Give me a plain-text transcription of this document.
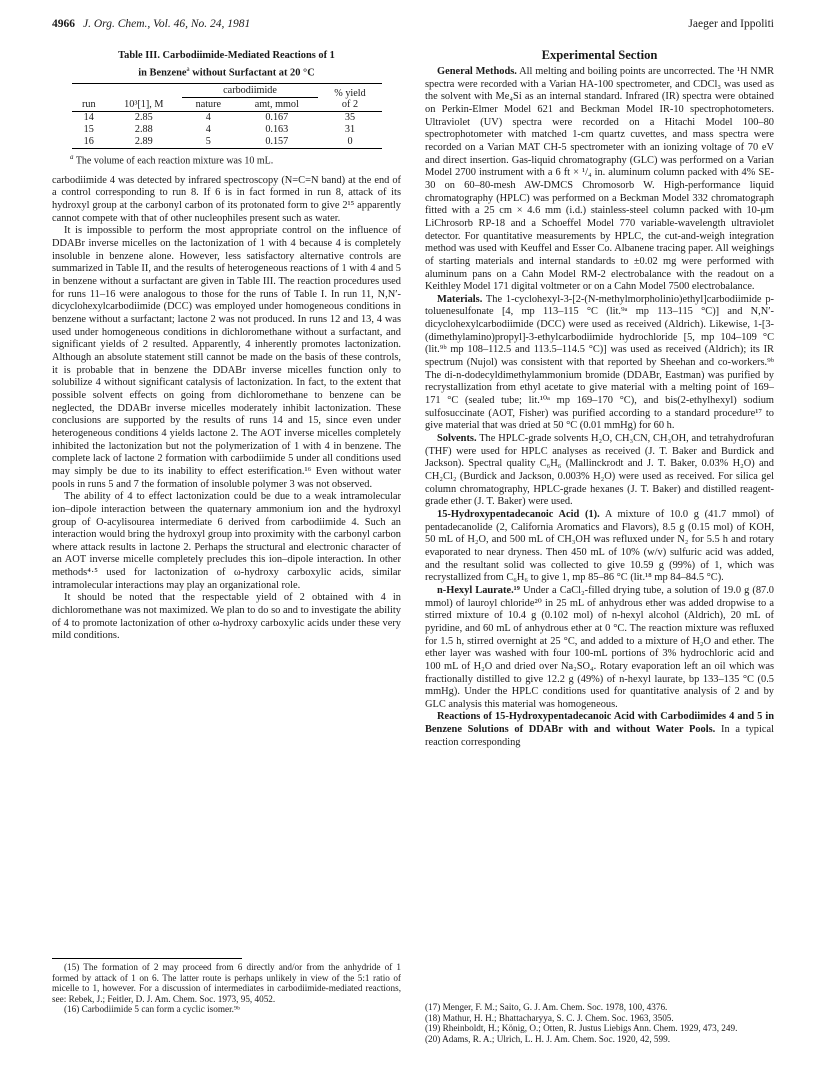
4966 J. Org. Chem., Vol. 46, No. 24, 1981	Jaeger and Ippoliti
Table III. Carbodiimide-Mediated Reactions of 1
in Benzene$^a$ without Surfactant at 20 °C
		carbodiimide		% yield
of 2
run	10³[1], M	nature	amt, mmol	
14	2.85	4	0.167	35
15	2.88	4	0.163	31
16	2.89	5	0.157	0
$^a$ The volume of each reaction mixture was 10 mL.

carbodiimide 4 was detected by infrared spectroscopy (N=C=N band) at the end of a control corresponding to run 8. If 6 is in fact formed in run 8, attack of its hydroxyl group at the carbonyl carbon of its protonated form to give 2¹⁵ apparently cannot compete with that of other nucleophiles present such as water.

It is impossible to perform the most appropriate control on the influence of DDABr inverse micelles on the lactonization of 1 with 4 because 4 is completely insoluble in benzene alone. However, less satisfactory alternative controls are summarized in Table II, and the results of heterogeneous reactions of 1 with 4 and 5 in benzene without a surfactant are given in Table III. The reaction procedures used for runs 11–16 were analogous to those for the runs of Table I. In run 11, N,N′-dicyclohexylcarbodiimide (DCC) was employed under homogeneous conditions in benzene without a surfactant; lactone 2 was not produced. In runs 12 and 13, 4 was used under homogeneous conditions in dichloromethane without a surfactant, and significant yields of 2 resulted. Apparently, 4 inherently promotes lactonization. Although an absolute statement still cannot be made on the basis of these controls, it is probable that in benzene the DDABr inverse micelles function only to solubilize 4 without significant catalysis of lactonization. In fact, to the extent that possible solvent effects on going from dichloromethane to benzene can be neglected, the DDABr inverse micelles moderately inhibit lactonization. These conclusions are supported by the results of runs 14 and 15, since even under heterogeneous conditions 4 yields lactone 2. The AOT inverse micelles completely inhibited the lactonization but not the polymerization of 1 with 4 in benzene. The complete lack of lactone 2 formation with carbodiimide 5 under all conditions used may simply be due to its inability to effect esterification.¹⁶ Even without water pools in runs 5 and 7 the formation of insoluble polymer 3 was not observed.

The ability of 4 to effect lactonization could be due to a weak intramolecular ion–dipole interaction between the quaternary ammonium ion and the hydroxyl group of O-acylisourea intermediate 6 derived from carbodiimide 4. Such an interaction would bring the hydroxyl group into proximity with the carbonyl carbon where attack results in lactone 2. Perhaps the structural and electronic character of an AOT inverse micelle completely precludes this ion–dipole interaction. In other methods⁴·⁵ used for lactonization of ω-hydroxy carboxylic acids, similar intramolecular interactions may play an organizational role.

It should be noted that the respectable yield of 2 obtained with 4 in dichloromethane was not maximized. We plan to do so and to investigate the ability of 4 to promote lactonization of other ω-hydroxy carboxylic acids under these very mild conditions.

Experimental Section

General Methods. All melting and boiling points are uncorrected. The ¹H NMR spectra were recorded with a Varian HA-100 spectrometer, and CDCl₃ was used as the solvent with Me₄Si as an internal standard. Infrared (IR) spectra were obtained on Perkin-Elmer Model 621 and Beckman Model IR-10 spectrophotometers. Ultraviolet (UV) spectra were recorded on a Hitachi Model 100–80 spectrophotometer with matched 1-cm quartz cuvettes, and mass spectra were recorded on a Varian MAT CH-5 spectrometer with an ionizing voltage of 70 eV and direct insertion. Gas-liquid chromatography (GLC) was performed on a Varian Model 2700 instrument with a 6 ft × ¹/₄ in. aluminum column packed with 4% SE-30 on 60–80-mesh AW-DMCS Chromosorb W. High-performance liquid chromatography (HPLC) was performed on a Beckman Model 332 chromatograph fitted with a 25 cm × 4.6 mm (i.d.) stainless-steel column packed with 10-μm LiChrosorb RP-18 and a Schoeffel Model 770 variable-wavelength ultraviolet detector. For quantitative measurements by HPLC, the cut-and-weigh integration method was used with Keuffel and Esser Co. Albanene tracing paper. All weighings of starting materials and internal standards to ±0.02 mg were performed with aluminum pans on a Cahn Model RM-2 electrobalance with the readout on a Keithley Model 171 digital voltmeter or on a Cahn Model 7500 electrobalance.

Materials. The 1-cyclohexyl-3-[2-(N-methylmorpholinio)ethyl]carbodiimide p-toluenesulfonate [4, mp 113–115 °C (lit.⁹ᵃ mp 113–115 °C)] and N,N′-dicyclohexylcarbodiimide (DCC) were used as received (Aldrich). Likewise, 1-[3-(dimethylamino)propyl]-3-ethylcarbodiimide hydrochloride [5, mp 104–109 °C (lit.⁹ᵇ mp 108–112.5 and 113.5–114.5 °C)] was used as received (Aldrich); its IR spectrum (Nujol) was consistent with that reported by Sheehan and co-workers.⁹ᵇ The di-n-dodecyldimethylammonium bromide (DDABr, Eastman) was purified by recrystallization from ethyl acetate to give material with a melting point of 169–171 °C (sealed tube; lit.¹⁰ᵃ mp 169–170 °C), and bis(2-ethylhexyl) sodium sulfosuccinate (AOT, Fisher) was purified according to a standard procedure¹⁷ to give material that was dried at 50 °C (0.01 mmHg) for 60 h.

Solvents. The HPLC-grade solvents H₂O, CH₃CN, CH₃OH, and tetrahydrofuran (THF) were used for HPLC analyses as received (J. T. Baker and Burdick and Jackson). Spectral quality C₆H₆ (Mallinckrodt and J. T. Baker, 0.03% H₂O) and CH₂Cl₂ (Burdick and Jackson, 0.003% H₂O) were used as received. For silica gel column chromatography, HPLC-grade hexanes (J. T. Baker) and distilled reagent-grade ether (J. T. Baker) were used.

15-Hydroxypentadecanoic Acid (1). A mixture of 10.0 g (41.7 mmol) of pentadecanolide (2, California Aromatics and Flavors), 8.5 g (0.15 mol) of KOH, 50 mL of H₂O, and 500 mL of CH₃OH was refluxed under N₂ for 5.5 h and rotary evaporated to near dryness. Then 450 mL of 10% (w/v) sulfuric acid was added, and the resultant solid was collected to give 10.59 g (99%) of 1, which was recrystallized from C₆H₆ to give 1, mp 85–86 °C (lit.¹⁸ mp 84–84.5 °C).

n-Hexyl Laurate.¹⁹ Under a CaCl₂-filled drying tube, a solution of 19.0 g (87.0 mmol) of lauroyl chloride²⁰ in 25 mL of anhydrous ether was added dropwise to a stirred mixture of 10.4 g (0.102 mol) of n-hexyl alcohol (Aldrich), 20 mL of pyridine, and 60 mL of anhydrous ether at 0 °C. The reaction mixture was refluxed for 1.5 h, stirred overnight at 25 °C, and added to a mixture of H₂O and ether. The ether layer was washed with four 100-mL portions of 3% hydrochloric acid and 100 mL of H₂O and dried over Na₂SO₄. Rotary evaporation left an oil which was fractionally distilled to give 12.2 g (49%) of n-hexyl laurate, bp 133–135 °C (0.5 mmHg). Under the HPLC conditions used for quantitative analysis of 2 and by GLC analysis this material was homogeneous.

Reactions of 15-Hydroxypentadecanoic Acid with Carbodiimides 4 and 5 in Benzene Solutions of DDABr with and without Water Pools. In a typical reaction corresponding

(15) The formation of 2 may proceed from 6 directly and/or from the anhydride of 1 formed by attack of 1 on 6. The latter route is perhaps unlikely in view of the 5:1 ratio of micelle to 1, however. For a discussion of intermediates in carbodiimide-mediated reactions, see: Rebek, J.; Feitler, D. J. Am. Chem. Soc. 1973, 95, 4052.

(16) Carbodiimide 5 can form a cyclic isomer.⁹ᵇ	(17) Menger, F. M.; Saito, G. J. Am. Chem. Soc. 1978, 100, 4376.

(18) Mathur, H. H.; Bhattacharyya, S. C. J. Chem. Soc. 1963, 3505.

(19) Rheinboldt, H.; König, O.; Otten, R. Justus Liebigs Ann. Chem. 1929, 473, 249.

(20) Adams, R. A.; Ulrich, L. H. J. Am. Chem. Soc. 1920, 42, 599.
